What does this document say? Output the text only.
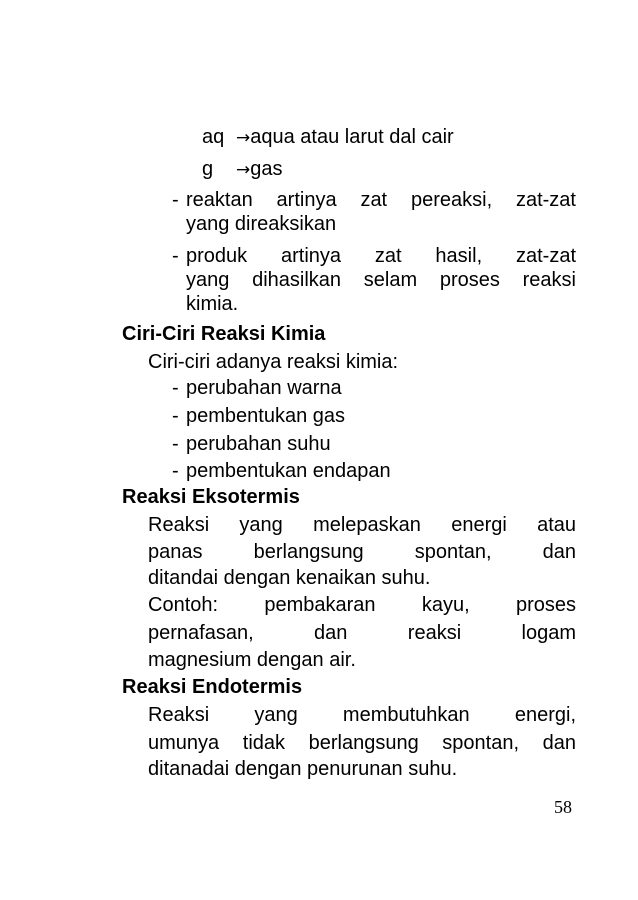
aq →aqua atau larut dal cair
g →gas
- reaktan artinya zat pereaksi, zat-zat
yang direaksikan
- produk artinya zat hasil, zat-zat
yang dihasilkan selam proses reaksi
kimia.
Ciri-Ciri Reaksi Kimia
Ciri-ciri adanya reaksi kimia:
- perubahan warna
- pembentukan gas
- perubahan suhu
- pembentukan endapan
Reaksi Eksotermis
Reaksi yang melepaskan energi atau
panas berlangsung spontan, dan
ditandai dengan kenaikan suhu.
Contoh: pembakaran kayu, proses
pernafasan, dan reaksi logam
magnesium dengan air.
Reaksi Endotermis
Reaksi yang membutuhkan energi,
umunya tidak berlangsung spontan, dan
ditanadai dengan penurunan suhu.
58
